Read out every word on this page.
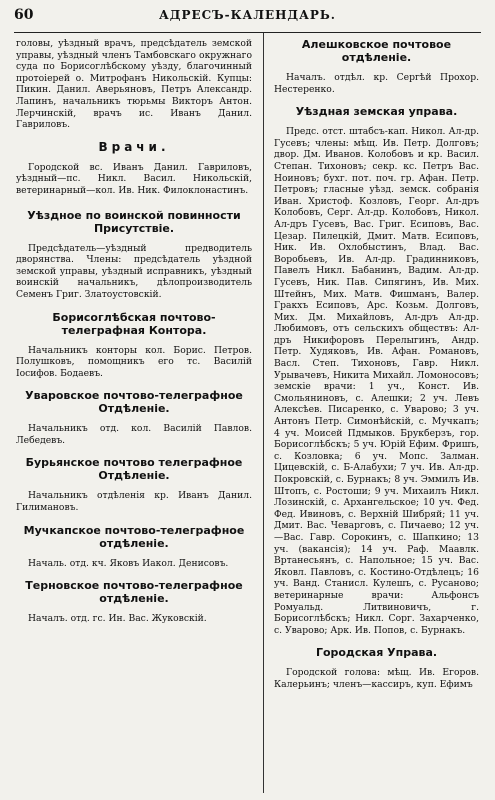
60	АДРЕСЪ-КАЛЕНДАРЬ.

головы, уѣздный врачъ, предсѣдатель земской управы, уѣздный членъ Тамбовскаго окружнаго суда по Борисоглѣбскому уѣзду, благочинный протоіерей о. Митрофанъ Никольскій. Купцы: Пикин. Данил. Аверьяновъ, Петръ Александр. Лапинъ, начальникъ тюрьмы Викторъ Антон. Лерчинскій, врачъ ис. Иванъ Данил. Гавриловъ.

Врачи.

Городской вс. Иванъ Данил. Гавриловъ, уѣздный—пс. Никл. Васил. Никольскій, ветеринарный—кол. Ив. Ник. Филоклонастинъ.

Уѣздное по воинской повинности Присутствіе.

Предсѣдатель—уѣздный предводитель дворянства. Члены: предсѣдатель уѣздной земской управы, уѣздный исправникъ, уѣздный воинскій начальникъ, дѣлопроизводитель Семенъ Григ. Златоустовскій.

Борисоглѣбская почтово-телеграфная Контора.

Начальникъ конторы кол. Борис. Петров. Полушковъ, помощникъ его тс. Василій Іосифов. Бодаевъ.

Уваровское почтово-телеграфное Отдѣленіе.

Начальникъ отд. кол. Василій Павлов. Лебедевъ.

Бурьянское почтово телеграфное Отдѣленіе.

Начальникъ отдѣленія кр. Иванъ Данил. Гилимановъ.

Мучкапское почтово-телеграфное отдѣленіе.

Началь. отд. кч. Яковъ Иакол. Денисовъ.

Терновское почтово-телеграфное отдѣленіе.

Началъ. отд. гс. Ин. Вас. Жуковскій.

Алешковское почтовое отдѣленіе.

Началъ. отдѣл. кр. Сергѣй Прохор. Нестеренко.

Уѣздная земская управа.

Предс. отст. штабсъ-кап. Никол. Ал-др. Гусевъ; члены: мѣщ. Ив. Петр. Долговъ; двор. Дм. Иванов. Колобовъ и кр. Васил. Степан. Тихоновъ; секр. кс. Петръ Вас. Ноиновъ; бухг. пот. поч. гр. Афан. Петр. Петровъ; гласные уѣзд. земск. собранія Иван. Христоф. Козловъ, Георг. Ал-дръ Колобовъ, Серг. Ал-др. Колобовъ, Никол. Ал-дръ Гусевъ, Вас. Григ. Есиповъ, Вас. Цезар. Пилецкій, Дмит. Матв. Есиповъ, Ник. Ив. Охлобыстинъ, Влад. Вас. Воробьевъ, Ив. Ал-др. Градинниковъ, Павелъ Никл. Бабанинъ, Вадим. Ал-др. Гусевъ, Ник. Пав. Сипягинъ, Ив. Мих. Штейнъ, Мих. Матв. Фишманъ, Валер. Гракхъ Есиповъ, Арс. Козьм. Долговъ, Мих. Дм. Михайловъ, Ал-дръ Ал-др. Любимовъ, отъ сельскихъ обществъ: Ал-дръ Никифоровъ Перелыгинъ, Андр. Петр. Худяковъ, Ив. Афан. Романовъ, Васл. Степ. Тихоновъ, Гавр. Никл. Урывачевъ, Никита Михайл. Ломоносовъ; земскіе врачи: 1 уч., Конст. Ив. Смольяниновъ, с. Алешки; 2 уч. Левъ Алексѣев. Писаренко, с. Уварово; 3 уч. Антонъ Петр. Симонѣйскій, с. Мучкапъ; 4 уч. Моисей Пдмыков. Брукберзъ, гор. Борисоглѣбскъ; 5 уч. Юрій Ефим. Фришъ, с. Козловка; 6 уч. Мопс. Залман. Цицевскій, с. Б-Алабухи; 7 уч. Ив. Ал-др. Покровскій, с. Бурнакъ; 8 уч. Эммилъ Ив. Штопъ, с. Ростоши; 9 уч. Михаилъ Никл. Лозинскій, с. Архангельское; 10 уч. Фед. Фед. Ивиновъ, с. Верхній Шибряй; 11 уч. Дмит. Вас. Чеварговъ, с. Пичаево; 12 уч.—Вас. Гавр. Сорокинъ, с. Шапкино; 13 уч. (вакансія); 14 уч. Раф. Маавлк. Вртанесьянъ, с. Напольное; 15 уч. Вас. Яковл. Павловъ, с. Костино-Отдѣлецъ; 16 уч. Ванд. Станисл. Кулешъ, с. Русаново; ветеринарные врачи: Альфонсъ Ромуальд. Литвиновичъ, г. Борисоглѣбскъ; Никл. Сорг. Захарченко, с. Уварово; Арк. Ив. Попов, с. Бурнакъ.

Городская Управа.

Городской голова: мѣщ. Ив. Егоров. Калерьинъ; членъ—кассиръ, куп. Ефимъ
